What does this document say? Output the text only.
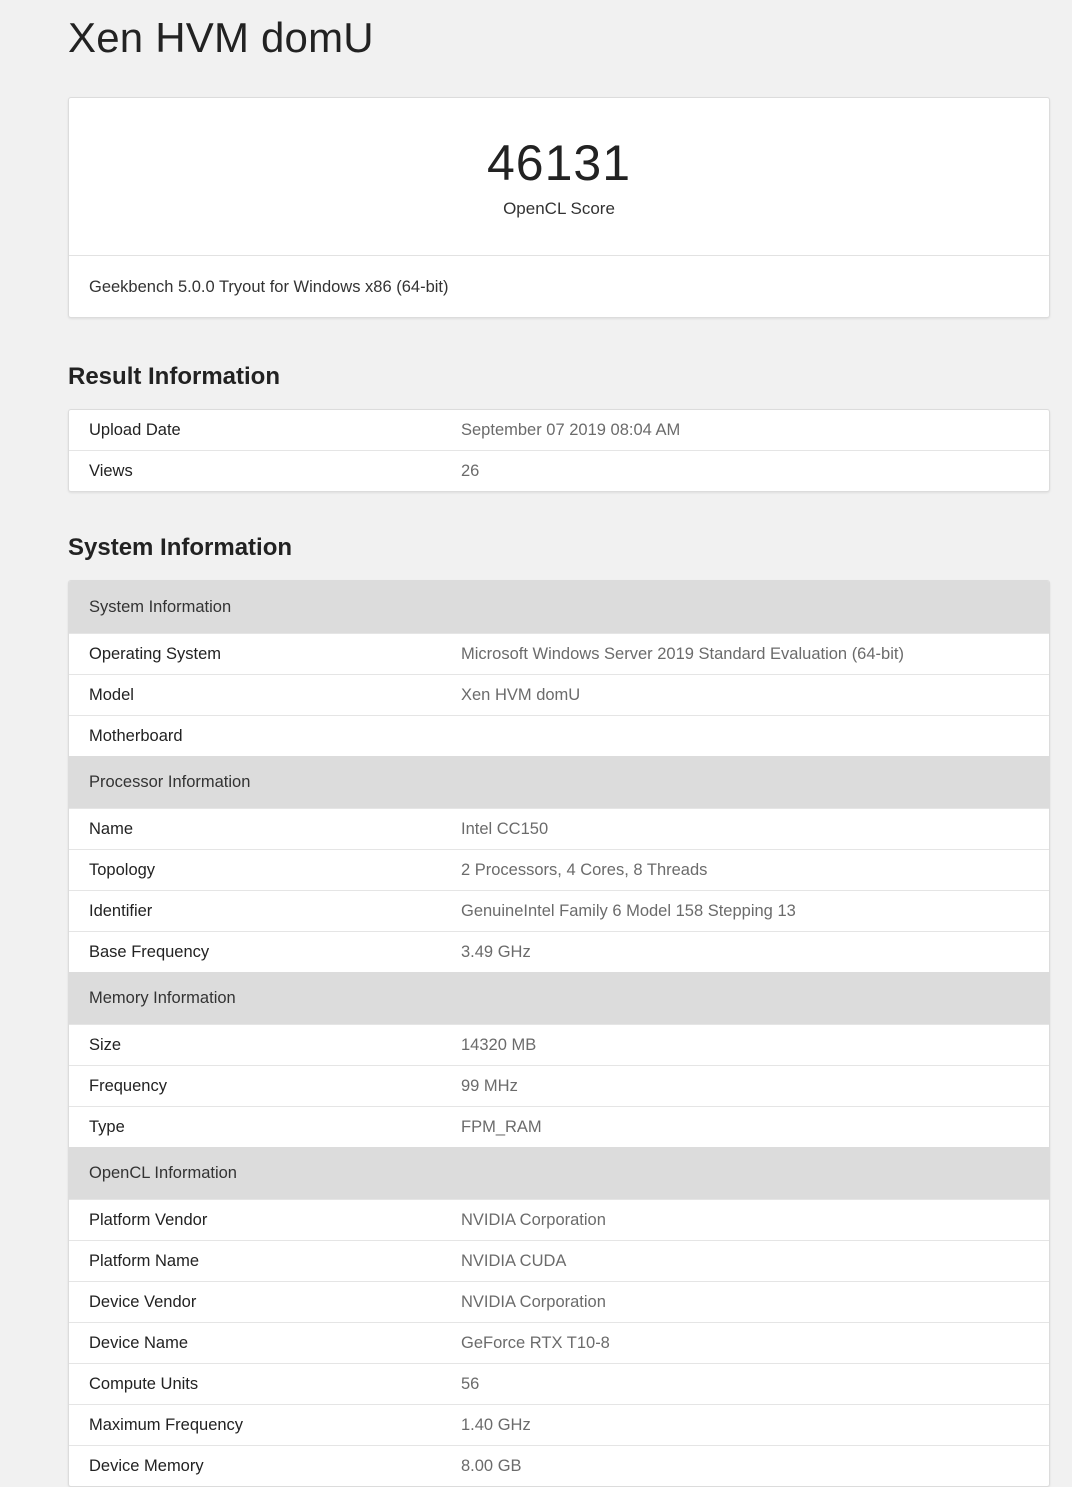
Xen HVM domU
46131
OpenCL Score
Geekbench 5.0.0 Tryout for Windows x86 (64-bit)
Result Information
Upload Date	September 07 2019 08:04 AM
Views	26
System Information
System Information
Operating System	Microsoft Windows Server 2019 Standard Evaluation (64-bit)
Model	Xen HVM domU
Motherboard
Processor Information
Name	Intel CC150
Topology	2 Processors, 4 Cores, 8 Threads
Identifier	GenuineIntel Family 6 Model 158 Stepping 13
Base Frequency	3.49 GHz
Memory Information
Size	14320 MB
Frequency	99 MHz
Type	FPM_RAM
OpenCL Information
Platform Vendor	NVIDIA Corporation
Platform Name	NVIDIA CUDA
Device Vendor	NVIDIA Corporation
Device Name	GeForce RTX T10-8
Compute Units	56
Maximum Frequency	1.40 GHz
Device Memory	8.00 GB
